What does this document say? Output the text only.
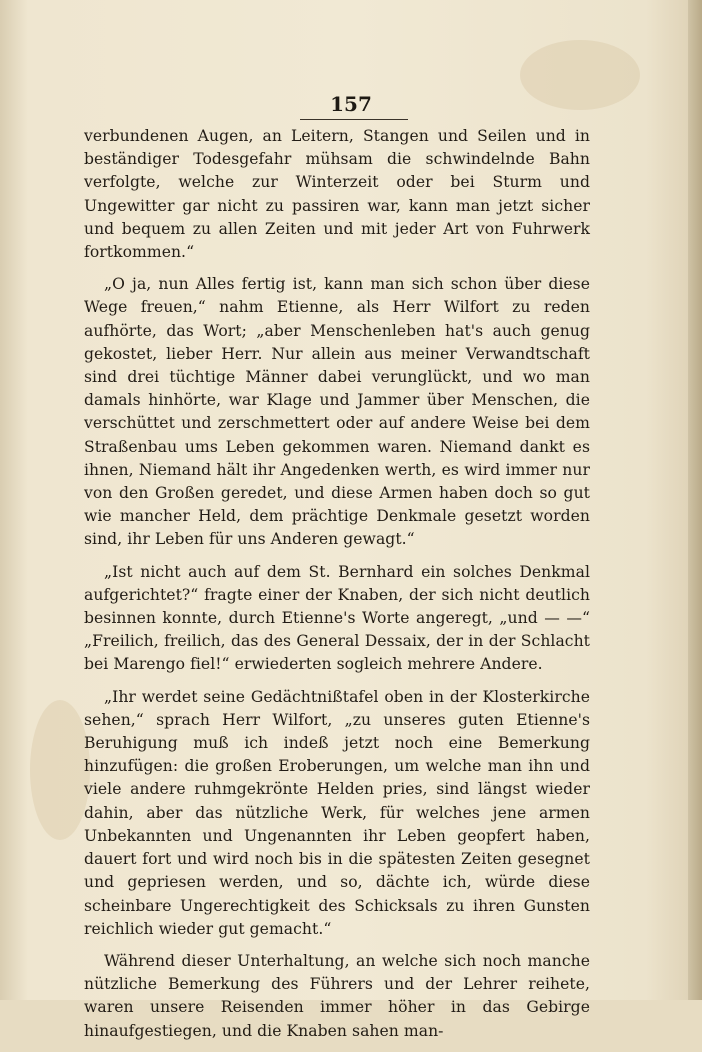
157

verbundenen Augen, an Leitern, Stangen und Seilen und in beständiger Todesgefahr mühsam die schwindelnde Bahn verfolgte, welche zur Winterzeit oder bei Sturm und Ungewitter gar nicht zu passiren war, kann man jetzt sicher und bequem zu allen Zeiten und mit jeder Art von Fuhrwerk fortkommen.“

„O ja, nun Alles fertig ist, kann man sich schon über diese Wege freuen,“ nahm Etienne, als Herr Wilfort zu reden aufhörte, das Wort; „aber Menschenleben hat's auch genug gekostet, lieber Herr. Nur allein aus meiner Verwandtschaft sind drei tüchtige Männer dabei verunglückt, und wo man damals hinhörte, war Klage und Jammer über Menschen, die verschüttet und zerschmettert oder auf andere Weise bei dem Straßenbau ums Leben gekommen waren. Niemand dankt es ihnen, Niemand hält ihr Angedenken werth, es wird immer nur von den Großen geredet, und diese Armen haben doch so gut wie mancher Held, dem prächtige Denkmale gesetzt worden sind, ihr Leben für uns Anderen gewagt.“

„Ist nicht auch auf dem St. Bernhard ein solches Denkmal aufgerichtet?“ fragte einer der Knaben, der sich nicht deutlich besinnen konnte, durch Etienne's Worte angeregt, „und — —“ „Freilich, freilich, das des General Dessaix, der in der Schlacht bei Marengo fiel!“ erwiederten sogleich mehrere Andere.

„Ihr werdet seine Gedächtnißtafel oben in der Klosterkirche sehen,“ sprach Herr Wilfort, „zu unseres guten Etienne's Beruhigung muß ich indeß jetzt noch eine Bemerkung hinzufügen: die großen Eroberungen, um welche man ihn und viele andere ruhmgekrönte Helden pries, sind längst wieder dahin, aber das nützliche Werk, für welches jene armen Unbekannten und Ungenannten ihr Leben geopfert haben, dauert fort und wird noch bis in die spätesten Zeiten gesegnet und gepriesen werden, und so, dächte ich, würde diese scheinbare Ungerechtigkeit des Schicksals zu ihren Gunsten reichlich wieder gut gemacht.“

Während dieser Unterhaltung, an welche sich noch manche nützliche Bemerkung des Führers und der Lehrer reihete, waren unsere Reisenden immer höher in das Gebirge hinaufgestiegen, und die Knaben sahen man-
